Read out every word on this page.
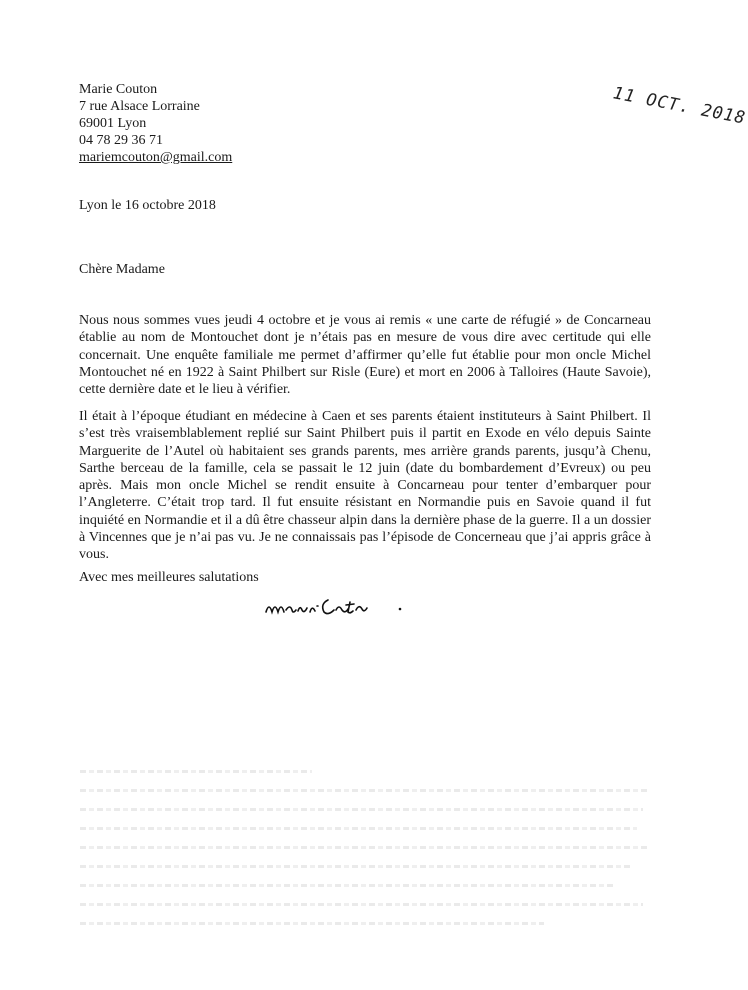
Marie Couton
7 rue Alsace Lorraine
69001 Lyon
04 78 29 36 71
mariemcouton@gmail.com
11 OCT. 2018
Lyon le 16 octobre 2018
Chère Madame
Nous nous sommes vues jeudi 4 octobre et je vous ai remis « une carte de réfugié » de Concarneau établie au nom de Montouchet dont je n’étais pas en mesure de vous dire avec certitude qui elle concernait. Une enquête familiale me permet d’affirmer qu’elle fut établie pour mon oncle Michel Montouchet né en 1922 à Saint Philbert sur Risle (Eure) et mort en 2006 à Talloires (Haute Savoie), cette dernière date et le lieu à vérifier.
Il était à l’époque étudiant en médecine à Caen et ses parents étaient instituteurs à Saint Philbert. Il s’est très vraisemblablement replié sur Saint Philbert puis il partit en Exode en vélo depuis Sainte Marguerite de l’Autel où habitaient ses grands parents, mes arrière grands parents, jusqu’à Chenu, Sarthe berceau de la famille, cela se passait le 12 juin (date du bombardement d’Evreux) ou peu après. Mais mon oncle Michel se rendit ensuite à Concarneau pour tenter d’embarquer pour l’Angleterre. C’était trop tard. Il fut ensuite résistant en Normandie puis en Savoie quand il fut inquiété en Normandie et il a dû être chasseur alpin dans la dernière phase de la guerre. Il a un dossier à Vincennes que je n’ai pas vu. Je ne connaissais pas l’épisode de Concerneau que j’ai appris grâce à vous.
Avec mes meilleures salutations
